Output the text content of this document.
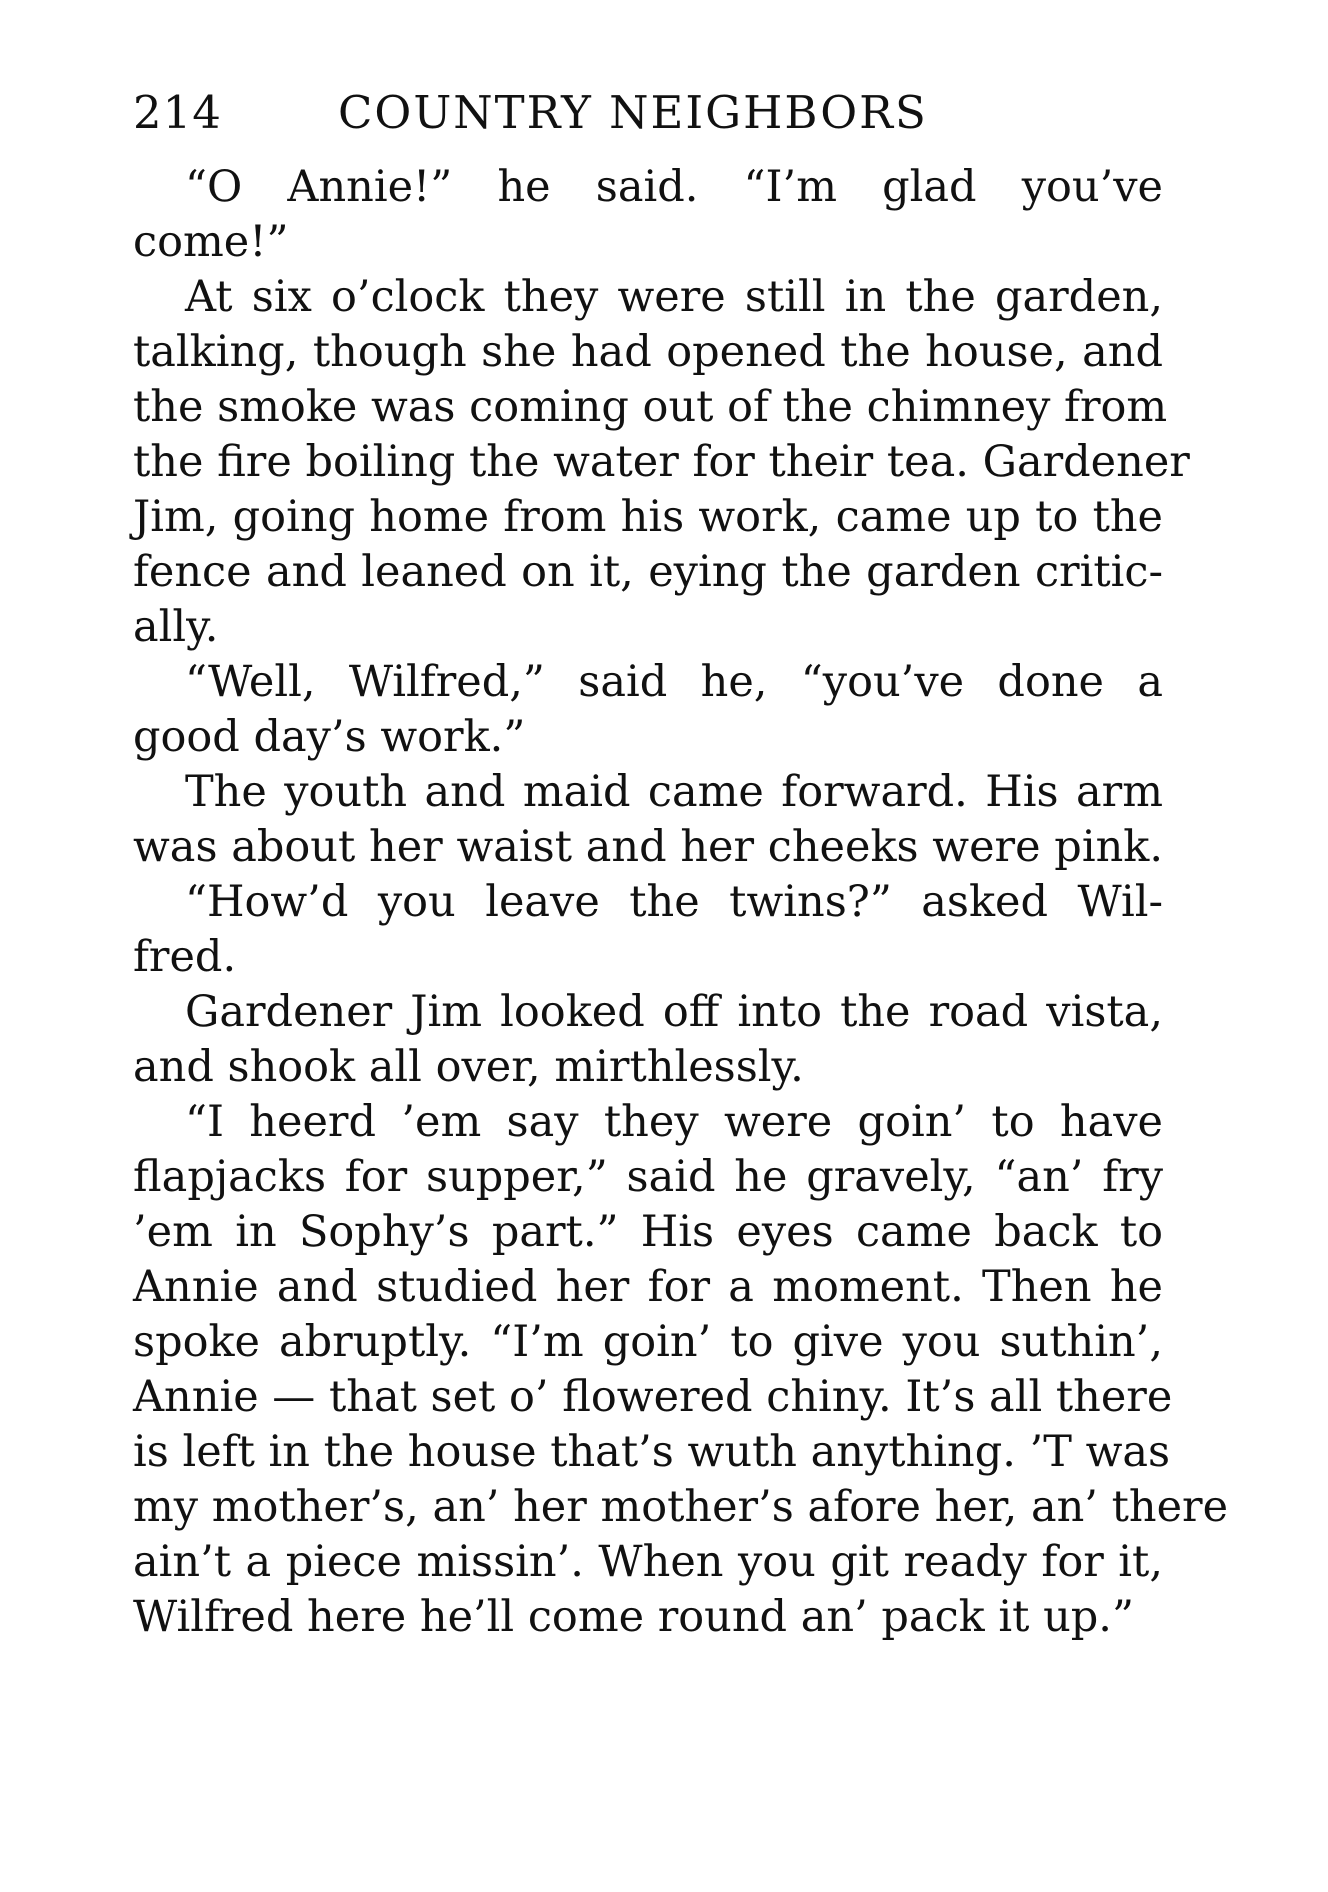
214	COUNTRY NEIGHBORS
“O Annie!” he said. “I’m glad you’ve
come!”
At six o’clock they were still in the garden,
talking, though she had opened the house, and
the smoke was coming out of the chimney from
the fire boiling the water for their tea. Gardener
Jim, going home from his work, came up to the
fence and leaned on it, eying the garden critic-
ally.
“Well, Wilfred,” said he, “you’ve done a
good day’s work.”
The youth and maid came forward. His arm
was about her waist and her cheeks were pink.
“How’d you leave the twins?” asked Wil-
fred.
Gardener Jim looked off into the road vista,
and shook all over, mirthlessly.
“I heerd ’em say they were goin’ to have
flapjacks for supper,” said he gravely, “an’ fry
’em in Sophy’s part.” His eyes came back to
Annie and studied her for a moment. Then he
spoke abruptly. “I’m goin’ to give you suthin’,
Annie — that set o’ flowered chiny. It’s all there
is left in the house that’s wuth anything. ’T was
my mother’s, an’ her mother’s afore her, an’ there
ain’t a piece missin’. When you git ready for it,
Wilfred here he’ll come round an’ pack it up.”
